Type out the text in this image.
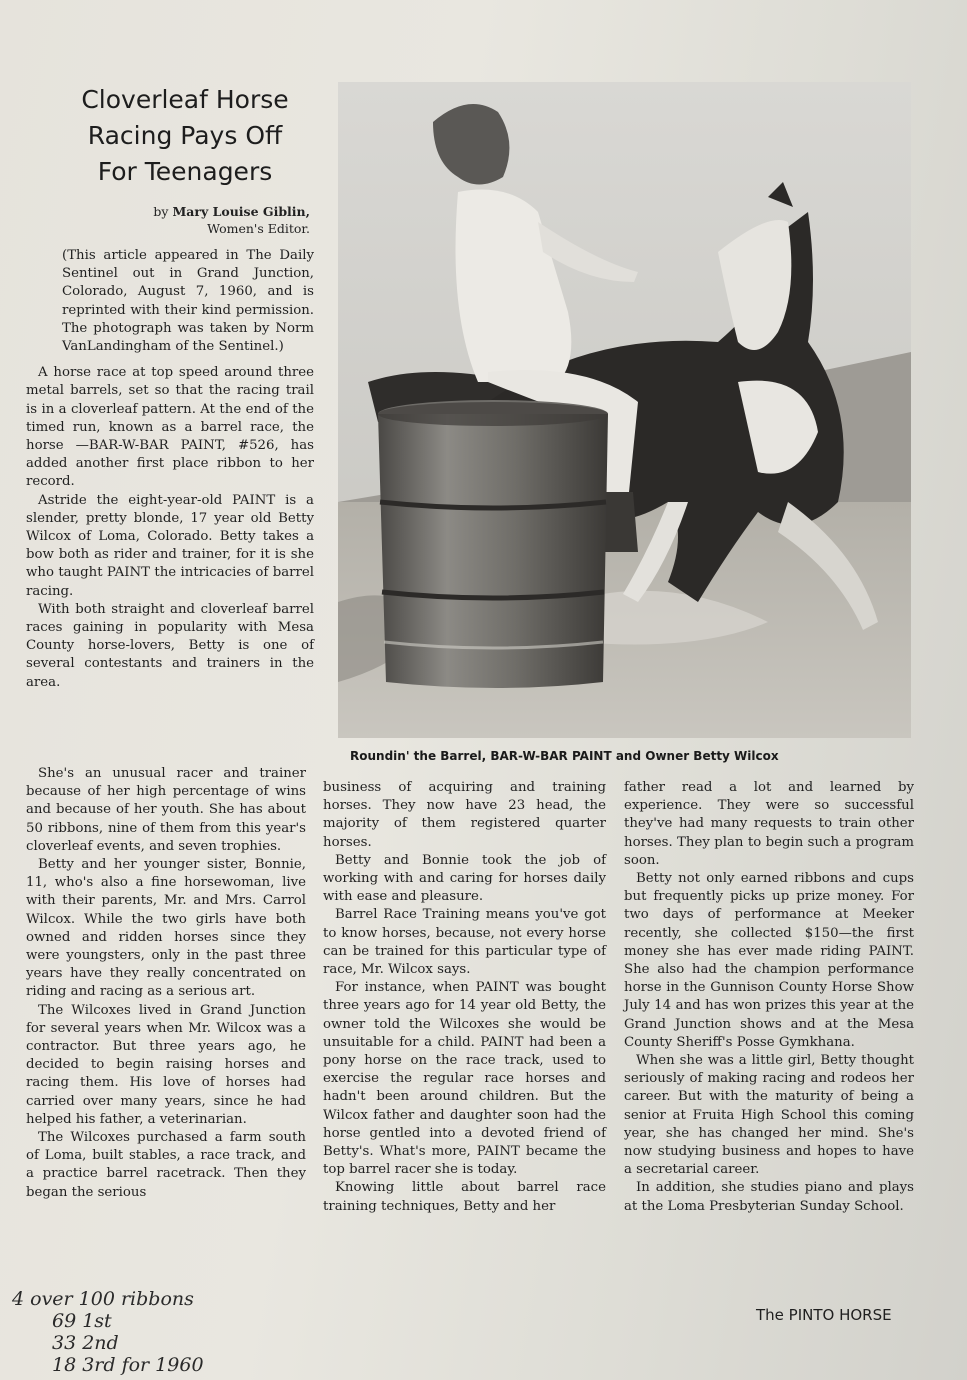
Cloverleaf Horse
Racing Pays Off
For Teenagers
by Mary Louise Giblin,
Women's Editor.

(This article appeared in The Daily Sentinel out in Grand Junction, Colorado, August 7, 1960, and is reprinted with their kind permission. The photograph was taken by Norm VanLandingham of the Sentinel.)

A horse race at top speed around three metal barrels, set so that the racing trail is in a cloverleaf pattern. At the end of the timed run, known as a barrel race, the horse —BAR-W-BAR PAINT, #526, has added another first place ribbon to her record.

Astride the eight-year-old PAINT is a slender, pretty blonde, 17 year old Betty Wilcox of Loma, Colorado. Betty takes a bow both as rider and trainer, for it is she who taught PAINT the intricacies of barrel racing.

With both straight and cloverleaf barrel races gaining in popularity with Mesa County horse-lovers, Betty is one of several contestants and trainers in the area.

She's an unusual racer and trainer because of her high percentage of wins and because of her youth. She has about 50 ribbons, nine of them from this year's cloverleaf events, and seven trophies.

Betty and her younger sister, Bonnie, 11, who's also a fine horsewoman, live with their parents, Mr. and Mrs. Carrol Wilcox. While the two girls have both owned and ridden horses since they were youngsters, only in the past three years have they really concentrated on riding and racing as a serious art.

The Wilcoxes lived in Grand Junction for several years when Mr. Wilcox was a contractor. But three years ago, he decided to begin raising horses and racing them. His love of horses had carried over many years, since he had helped his father, a veterinarian.

The Wilcoxes purchased a farm south of Loma, built stables, a race track, and a practice barrel racetrack. Then they began the serious

Roundin' the Barrel, BAR-W-BAR PAINT and Owner Betty Wilcox

business of acquiring and training horses. They now have 23 head, the majority of them registered quarter horses.

Betty and Bonnie took the job of working with and caring for horses daily with ease and pleasure.

Barrel Race Training means you've got to know horses, because, not every horse can be trained for this particular type of race, Mr. Wilcox says.

For instance, when PAINT was bought three years ago for 14 year old Betty, the owner told the Wilcoxes she would be unsuitable for a child. PAINT had been a pony horse on the race track, used to exercise the regular race horses and hadn't been around children. But the Wilcox father and daughter soon had the horse gentled into a devoted friend of Betty's. What's more, PAINT became the top barrel racer she is today.

Knowing little about barrel race training techniques, Betty and her

father read a lot and learned by experience. They were so successful they've had many requests to train other horses. They plan to begin such a program soon.

Betty not only earned ribbons and cups but frequently picks up prize money. For two days of performance at Meeker recently, she collected $150—the first money she has ever made riding PAINT. She also had the champion performance horse in the Gunnison County Horse Show July 14 and has won prizes this year at the Grand Junction shows and at the Mesa County Sheriff's Posse Gymkhana.

When she was a little girl, Betty thought seriously of making racing and rodeos her career. But with the maturity of being a senior at Fruita High School this coming year, she has changed her mind. She's now studying business and hopes to have a secretarial career.

In addition, she studies piano and plays at the Loma Presbyterian Sunday School.

The PINTO HORSE
4 over 100 ribbons
69 1st
33 2nd
18 3rd for 1960
